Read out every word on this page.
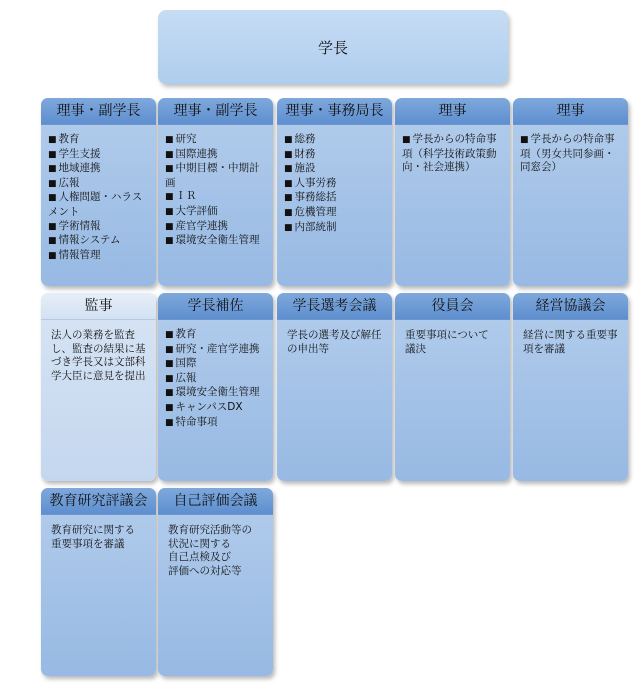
学長
理事・副学長
■ 教育
■ 学生支援
■ 地域連携
■ 広報
■ 人権問題・ハラスメント
■ 学術情報
■ 情報システム
■ 情報管理
理事・副学長
■ 研究
■ 国際連携
■ 中期目標・中期計画
■ ＩＲ
■ 大学評価
■ 産官学連携
■ 環境安全衛生管理
理事・事務局長
■ 総務
■ 財務
■ 施設
■ 人事労務
■ 事務総括
■ 危機管理
■ 内部統制
理事
■ 学長からの特命事項（科学技術政策動向・社会連携）
理事
■ 学長からの特命事項（男女共同参画・同窓会）
監事
法人の業務を監査し、監査の結果に基づき学長又は文部科学大臣に意見を提出
学長補佐
■ 教育
■ 研究・産官学連携
■ 国際
■ 広報
■ 環境安全衛生管理
■ キャンパスDX
■ 特命事項
学長選考会議
学長の選考及び解任の申出等
役員会
重要事項について
議決
経営協議会
経営に関する重要事項を審議
教育研究評議会
教育研究に関する
重要事項を審議
自己評価会議
教育研究活動等の
状況に関する
自己点検及び
評価への対応等
